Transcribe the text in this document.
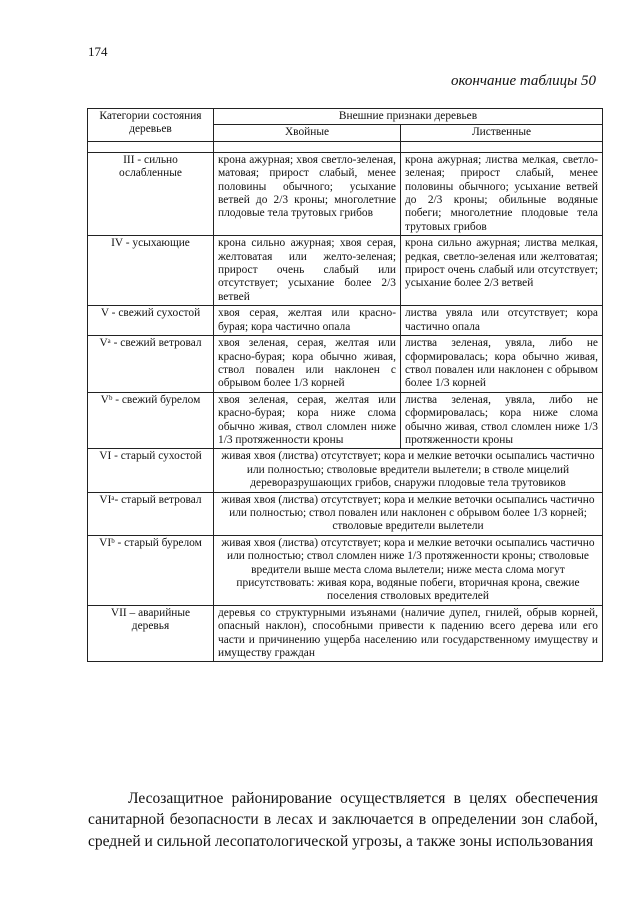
174
окончание таблицы 50
Категории состояния деревьев	Внешние признаки деревьев	
	Хвойные	Лиственные

III - сильно ослабленные	крона ажурная; хвоя светло-зеленая, матовая; прирост слабый, менее половины обычного; усыхание ветвей до 2/3 кроны; многолетние плодовые тела трутовых грибов	крона ажурная; листва мелкая, светло-зеленая; прирост слабый, менее половины обычного; усыхание ветвей до 2/3 кроны; обильные водяные побеги; многолетние плодовые тела трутовых грибов
IV - усыхающие	крона сильно ажурная; хвоя серая, желтоватая или желто-зеленая; прирост очень слабый или отсутствует; усыхание более 2/3 ветвей	крона сильно ажурная; листва мелкая, редкая, светло-зеленая или желтоватая; прирост очень слабый или отсутствует; усыхание более 2/3 ветвей
V - свежий сухостой	хвоя серая, желтая или красно-бурая; кора частично опала	листва увяла или отсутствует; кора частично опала
Vᵃ - свежий ветровал	хвоя зеленая, серая, желтая или красно-бурая; кора обычно живая, ствол повален или наклонен с обрывом более 1/3 корней	листва зеленая, увяла, либо не сформировалась; кора обычно живая, ствол повален или наклонен с обрывом более 1/3 корней
Vᵇ - свежий бурелом	хвоя зеленая, серая, желтая или красно-бурая; кора ниже слома обычно живая, ствол сломлен ниже 1/3 протяженности кроны	листва зеленая, увяла, либо не сформировалась; кора ниже слома обычно живая, ствол сломлен ниже 1/3 протяженности кроны
VI - старый сухостой	живая хвоя (листва) отсутствует; кора и мелкие веточки осыпались частично или полностью; стволовые вредители вылетели; в стволе мицелий дереворазрушающих грибов, снаружи плодовые тела трутовиков	
VIᵃ- старый ветровал	живая хвоя (листва) отсутствует; кора и мелкие веточки осыпались частично или полностью; ствол повален или наклонен с обрывом более 1/3 корней; стволовые вредители вылетели	
VIᵇ - старый бурелом	живая хвоя (листва) отсутствует; кора и мелкие веточки осыпались частично или полностью; ствол сломлен ниже 1/3 протяженности кроны; стволовые вредители выше места слома вылетели; ниже места слома могут присутствовать: живая кора, водяные побеги, вторичная крона, свежие поселения стволовых вредителей	
VII – аварийные деревья	деревья со структурными изъянами (наличие дупел, гнилей, обрыв корней, опасный наклон), способными привести к падению всего дерева или его части и причинению ущерба населению или государственному имуществу и имуществу граждан	

Лесозащитное районирование осуществляется в целях обеспечения санитарной безопасности в лесах и заключается в определении зон слабой, средней и сильной лесопатологической угрозы, а также зоны использования
